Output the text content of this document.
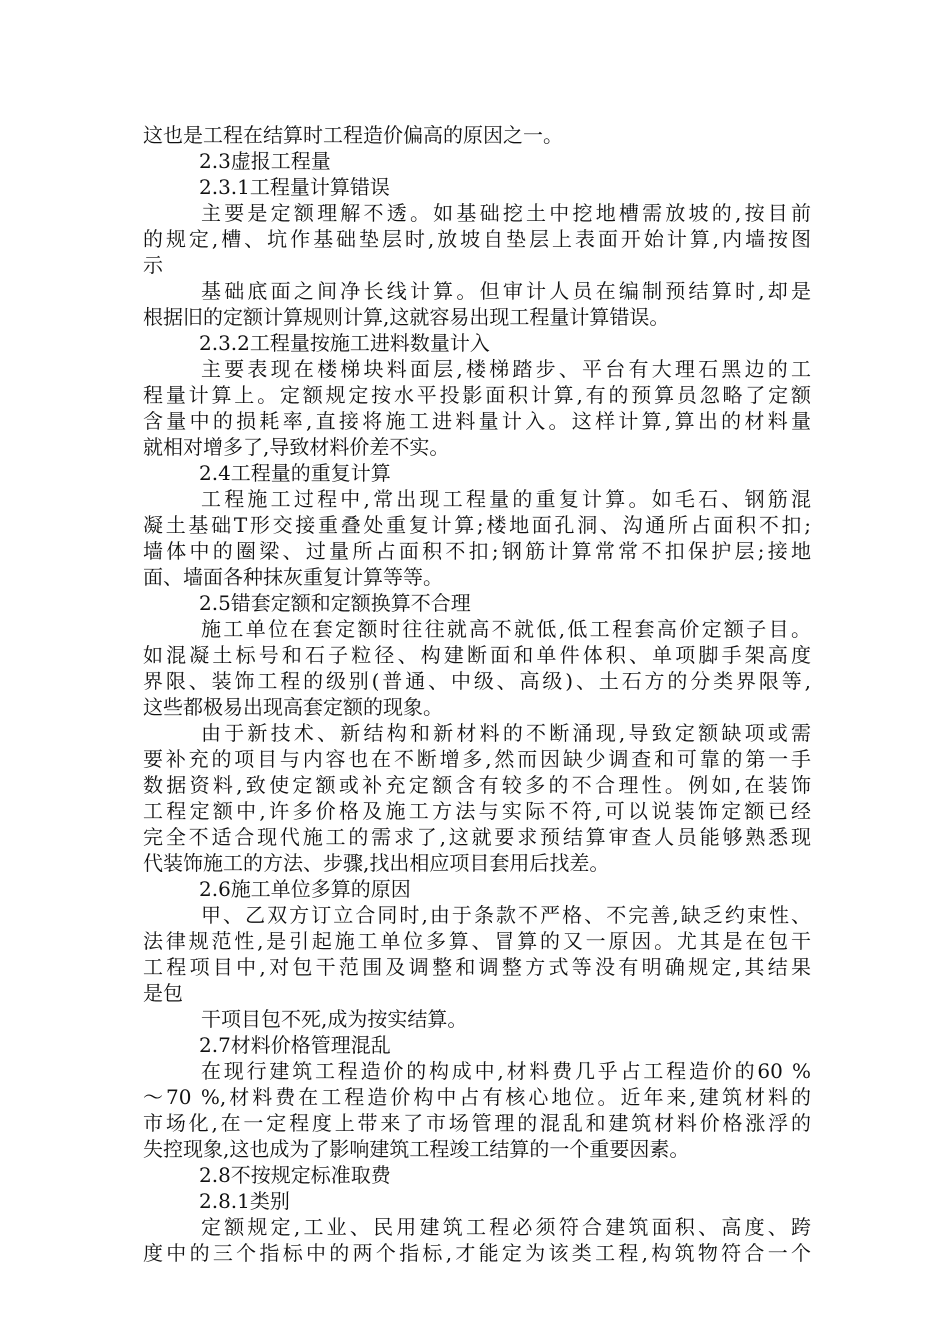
这也是工程在结算时工程造价偏高的原因之一。
2.3虚报工程量
2.3.1工程量计算错误
主要是定额理解不透。如基础挖土中挖地槽需放坡的,按目前
的规定,槽、坑作基础垫层时,放坡自垫层上表面开始计算,内墙按图
示
基础底面之间净长线计算。但审计人员在编制预结算时,却是
根据旧的定额计算规则计算,这就容易出现工程量计算错误。
2.3.2工程量按施工进料数量计入
主要表现在楼梯块料面层,楼梯踏步、平台有大理石黑边的工
程量计算上。定额规定按水平投影面积计算,有的预算员忽略了定额
含量中的损耗率,直接将施工进料量计入。这样计算,算出的材料量
就相对增多了,导致材料价差不实。
2.4工程量的重复计算
工程施工过程中,常出现工程量的重复计算。如毛石、钢筋混
凝土基础T形交接重叠处重复计算;楼地面孔洞、沟通所占面积不扣;
墙体中的圈梁、过量所占面积不扣;钢筋计算常常不扣保护层;接地
面、墙面各种抹灰重复计算等等。
2.5错套定额和定额换算不合理
施工单位在套定额时往往就高不就低,低工程套高价定额子目。
如混凝土标号和石子粒径、构建断面和单件体积、单项脚手架高度
界限、装饰工程的级别(普通、中级、高级)、土石方的分类界限等,
这些都极易出现高套定额的现象。
由于新技术、新结构和新材料的不断涌现,导致定额缺项或需
要补充的项目与内容也在不断增多,然而因缺少调查和可靠的第一手
数据资料,致使定额或补充定额含有较多的不合理性。例如,在装饰
工程定额中,许多价格及施工方法与实际不符,可以说装饰定额已经
完全不适合现代施工的需求了,这就要求预结算审查人员能够熟悉现
代装饰施工的方法、步骤,找出相应项目套用后找差。
2.6施工单位多算的原因
甲、乙双方订立合同时,由于条款不严格、不完善,缺乏约束性、
法律规范性,是引起施工单位多算、冒算的又一原因。尤其是在包干
工程项目中,对包干范围及调整和调整方式等没有明确规定,其结果
是包
干项目包不死,成为按实结算。
2.7材料价格管理混乱
在现行建筑工程造价的构成中,材料费几乎占工程造价的60 %
～70 %,材料费在工程造价构中占有核心地位。近年来,建筑材料的
市场化,在一定程度上带来了市场管理的混乱和建筑材料价格涨浮的
失控现象,这也成为了影响建筑工程竣工结算的一个重要因素。
2.8不按规定标准取费
2.8.1类别
定额规定,工业、民用建筑工程必须符合建筑面积、高度、跨
度中的三个指标中的两个指标,才能定为该类工程,构筑物符合一个
